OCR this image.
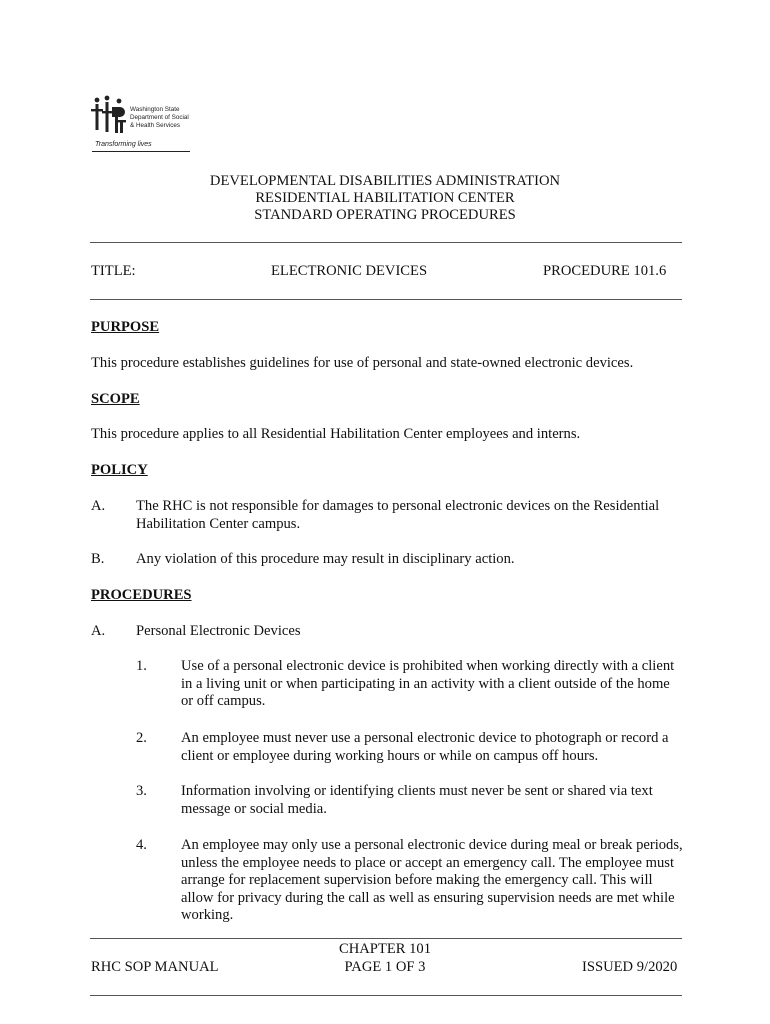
Washington State
Department of Social
& Health Services
Transforming lives
DEVELOPMENTAL DISABILITIES ADMINISTRATION
RESIDENTIAL HABILITATION CENTER
STANDARD OPERATING PROCEDURES
TITLE:	ELECTRONIC DEVICES	PROCEDURE 101.6
PURPOSE
This procedure establishes guidelines for use of personal and state-owned electronic devices.
SCOPE
This procedure applies to all Residential Habilitation Center employees and interns.
POLICY
A. The RHC is not responsible for damages to personal electronic devices on the Residential Habilitation Center campus.
B. Any violation of this procedure may result in disciplinary action.
PROCEDURES
A. Personal Electronic Devices
1. Use of a personal electronic device is prohibited when working directly with a client in a living unit or when participating in an activity with a client outside of the home or off campus.
2. An employee must never use a personal electronic device to photograph or record a client or employee during working hours or while on campus off hours.
3. Information involving or identifying clients must never be sent or shared via text message or social media.
4. An employee may only use a personal electronic device during meal or break periods, unless the employee needs to place or accept an emergency call. The employee must arrange for replacement supervision before making the emergency call. This will allow for privacy during the call as well as ensuring supervision needs are met while working.
RHC SOP MANUAL
CHAPTER 101
PAGE 1 OF 3	ISSUED 9/2020
